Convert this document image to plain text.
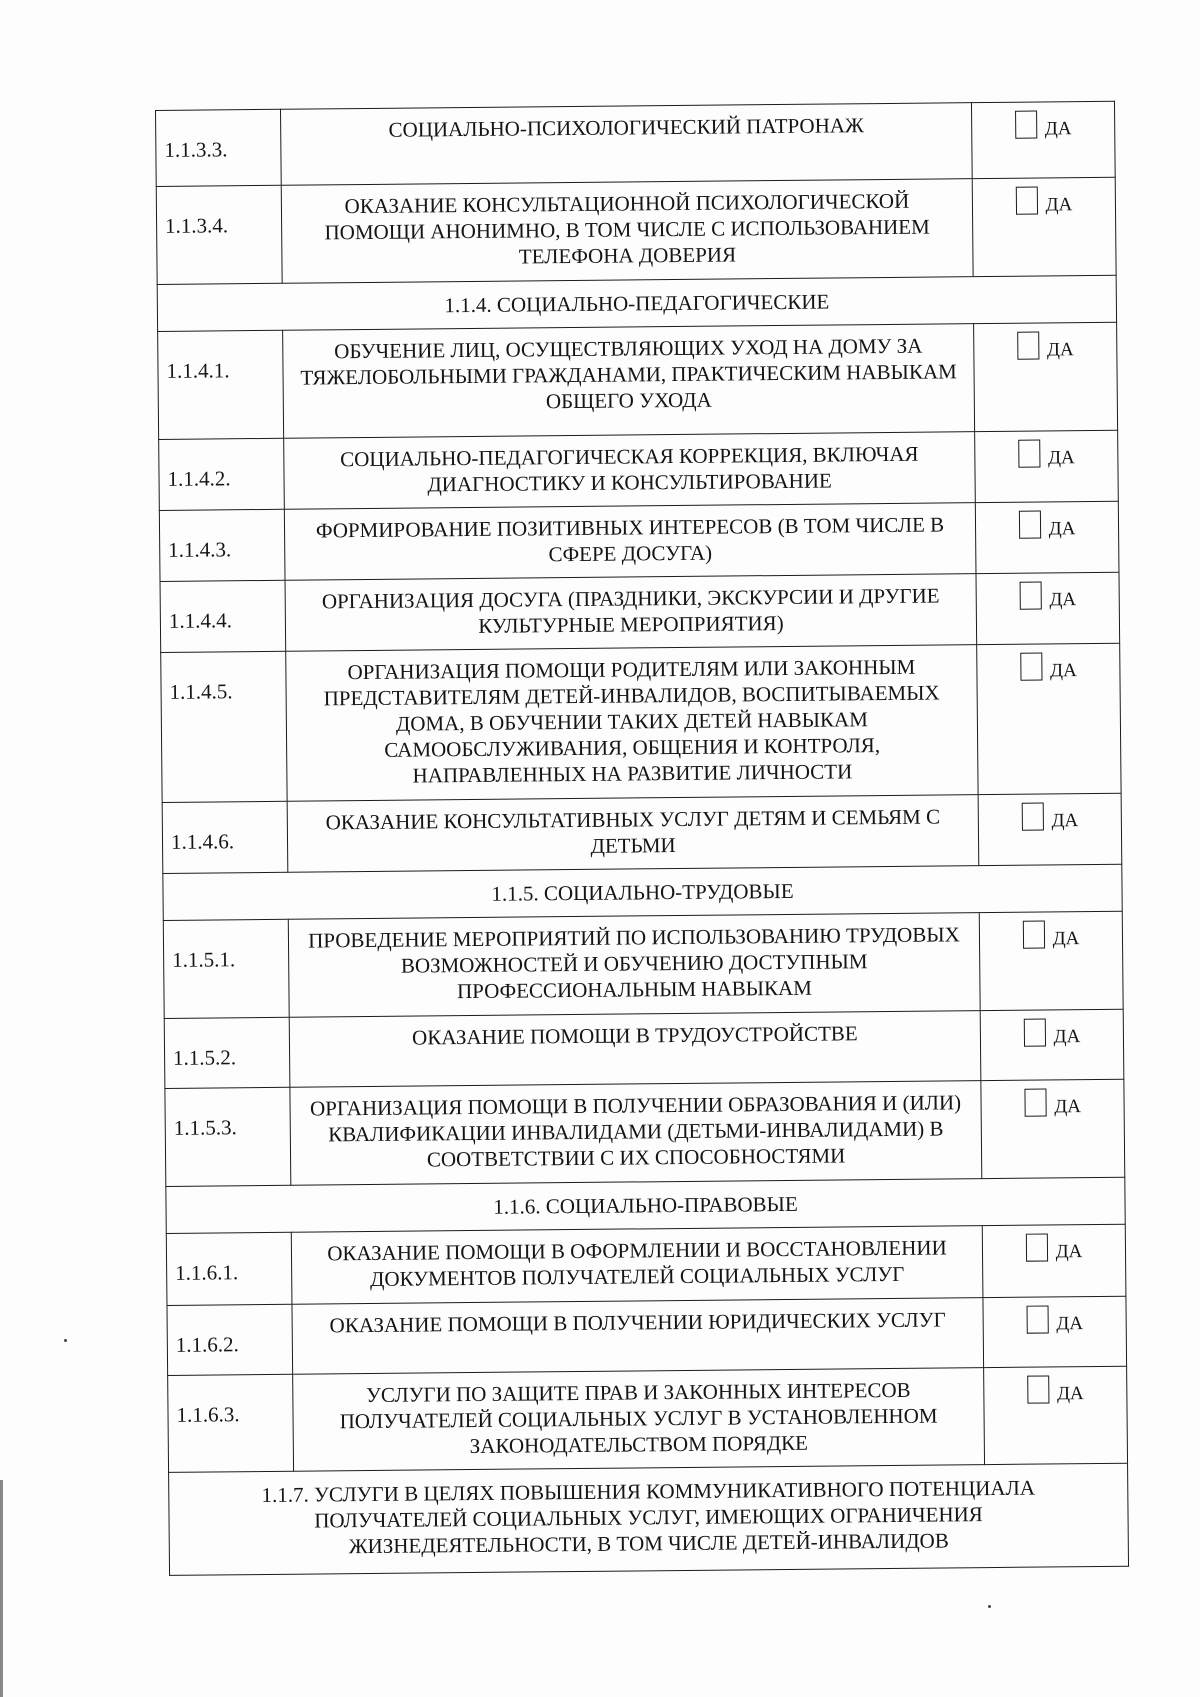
1.1.3.3.	СОЦИАЛЬНО-ПСИХОЛОГИЧЕСКИЙ ПАТРОНАЖ	ДА

1.1.3.4.	ОКАЗАНИЕ КОНСУЛЬТАЦИОННОЙ ПСИХОЛОГИЧЕСКОЙ ПОМОЩИ АНОНИМНО, В ТОМ ЧИСЛЕ С ИСПОЛЬЗОВАНИЕМ ТЕЛЕФОНА ДОВЕРИЯ	ДА

1.1.4. СОЦИАЛЬНО-ПЕДАГОГИЧЕСКИЕ		
1.1.4.1.	ОБУЧЕНИЕ ЛИЦ, ОСУЩЕСТВЛЯЮЩИХ УХОД НА ДОМУ ЗА ТЯЖЕЛОБОЛЬНЫМИ ГРАЖДАНАМИ, ПРАКТИЧЕСКИМ НАВЫКАМ ОБЩЕГО УХОДА	ДА

1.1.4.2.	СОЦИАЛЬНО-ПЕДАГОГИЧЕСКАЯ КОРРЕКЦИЯ, ВКЛЮЧАЯ ДИАГНОСТИКУ И КОНСУЛЬТИРОВАНИЕ	ДА

1.1.4.3.	ФОРМИРОВАНИЕ ПОЗИТИВНЫХ ИНТЕРЕСОВ (В ТОМ ЧИСЛЕ В СФЕРЕ ДОСУГА)	ДА

1.1.4.4.	ОРГАНИЗАЦИЯ ДОСУГА (ПРАЗДНИКИ, ЭКСКУРСИИ И ДРУГИЕ КУЛЬТУРНЫЕ МЕРОПРИЯТИЯ)	ДА

1.1.4.5.	ОРГАНИЗАЦИЯ ПОМОЩИ РОДИТЕЛЯМ ИЛИ ЗАКОННЫМ ПРЕДСТАВИТЕЛЯМ ДЕТЕЙ-ИНВАЛИДОВ, ВОСПИТЫВАЕМЫХ ДОМА, В ОБУЧЕНИИ ТАКИХ ДЕТЕЙ НАВЫКАМ САМООБСЛУЖИВАНИЯ, ОБЩЕНИЯ И КОНТРОЛЯ, НАПРАВЛЕННЫХ НА РАЗВИТИЕ ЛИЧНОСТИ	ДА

1.1.4.6.	ОКАЗАНИЕ КОНСУЛЬТАТИВНЫХ УСЛУГ ДЕТЯМ И СЕМЬЯМ С ДЕТЬМИ	ДА

1.1.5. СОЦИАЛЬНО-ТРУДОВЫЕ		
1.1.5.1.	ПРОВЕДЕНИЕ МЕРОПРИЯТИЙ ПО ИСПОЛЬЗОВАНИЮ ТРУДОВЫХ ВОЗМОЖНОСТЕЙ И ОБУЧЕНИЮ ДОСТУПНЫМ ПРОФЕССИОНАЛЬНЫМ НАВЫКАМ	ДА

1.1.5.2.	ОКАЗАНИЕ ПОМОЩИ В ТРУДОУСТРОЙСТВЕ	ДА

1.1.5.3.	ОРГАНИЗАЦИЯ ПОМОЩИ В ПОЛУЧЕНИИ ОБРАЗОВАНИЯ И (ИЛИ) КВАЛИФИКАЦИИ ИНВАЛИДАМИ (ДЕТЬМИ-ИНВАЛИДАМИ) В СООТВЕТСТВИИ С ИХ СПОСОБНОСТЯМИ	ДА

1.1.6. СОЦИАЛЬНО-ПРАВОВЫЕ		
1.1.6.1.	ОКАЗАНИЕ ПОМОЩИ В ОФОРМЛЕНИИ И ВОССТАНОВЛЕНИИ ДОКУМЕНТОВ ПОЛУЧАТЕЛЕЙ СОЦИАЛЬНЫХ УСЛУГ	ДА

1.1.6.2.	ОКАЗАНИЕ ПОМОЩИ В ПОЛУЧЕНИИ ЮРИДИЧЕСКИХ УСЛУГ	ДА

1.1.6.3.	УСЛУГИ ПО ЗАЩИТЕ ПРАВ И ЗАКОННЫХ ИНТЕРЕСОВ ПОЛУЧАТЕЛЕЙ СОЦИАЛЬНЫХ УСЛУГ В УСТАНОВЛЕННОМ ЗАКОНОДАТЕЛЬСТВОМ ПОРЯДКЕ	ДА

1.1.7. УСЛУГИ В ЦЕЛЯХ ПОВЫШЕНИЯ КОММУНИКАТИВНОГО ПОТЕНЦИАЛА ПОЛУЧАТЕЛЕЙ СОЦИАЛЬНЫХ УСЛУГ, ИМЕЮЩИХ ОГРАНИЧЕНИЯ ЖИЗНЕДЕЯТЕЛЬНОСТИ, В ТОМ ЧИСЛЕ ДЕТЕЙ-ИНВАЛИДОВ		
